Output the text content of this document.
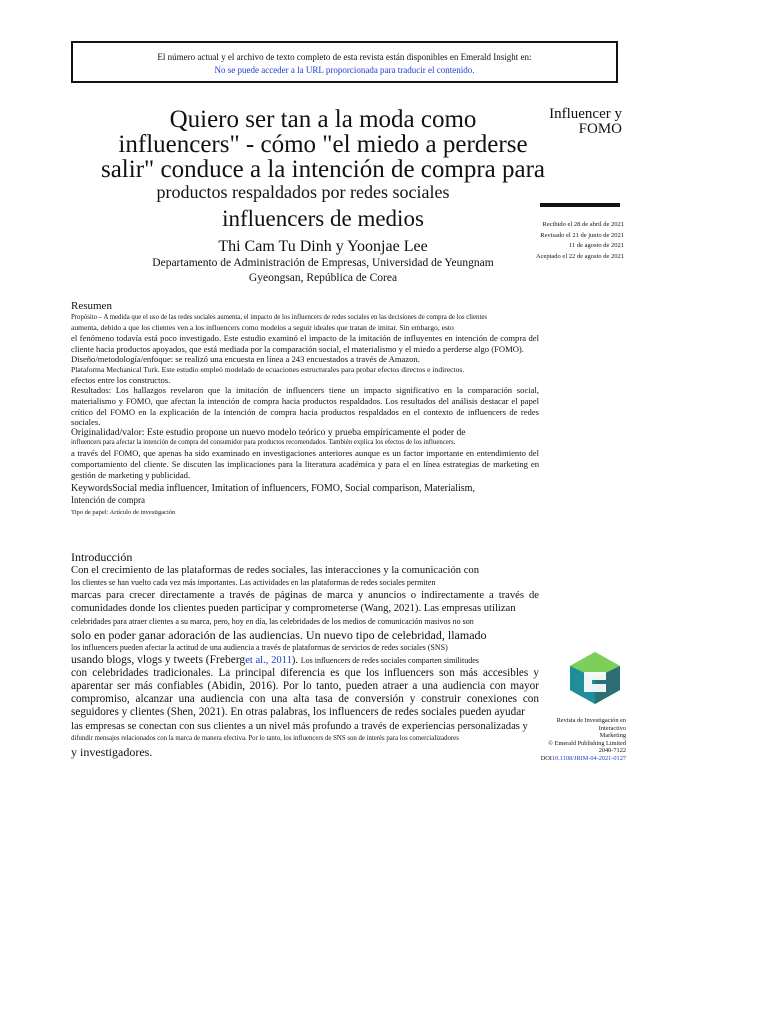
El número actual y el archivo de texto completo de esta revista están disponibles en Emerald Insight en:
No se puede acceder a la URL proporcionada para traducir el contenido.
Quiero ser tan a la moda como
influencers" - cómo "el miedo a perderse
salir" conduce a la intención de compra para
productos respaldados por redes sociales
influencers de medios
Influencer y
FOMO
Recibido el 28 de abril de 2021
Revisado el 21 de junio de 2021
11 de agosto de 2021
Aceptado el 22 de agosto de 2021
Thi Cam Tu Dinh y Yoonjae Lee
Departamento de Administración de Empresas, Universidad de Yeungnam
Gyeongsan, República de Corea
Resumen

Propósito – A medida que el uso de las redes sociales aumenta, el impacto de los influencers de redes sociales en las decisiones de compra de los clientes

aumenta, debido a que los clientes ven a los influencers como modelos a seguir ideales que tratan de imitar. Sin embargo, esto

el fenómeno todavía está poco investigado. Este estudio examinó el impacto de la imitación de influyentes en intención de compra del cliente hacia productos apoyados, que está mediada por la comparación social, el materialismo y el miedo a perderse algo (FOMO).

Diseño/metodología/enfoque: se realizó una encuesta en línea a 243 encuestados a través de Amazon.

Plataforma Mechanical Turk. Este estudio empleó modelado de ecuaciones estructurales para probar efectos directos e indirectos.

efectos entre los constructos.

Resultados: Los hallazgos revelaron que la imitación de influencers tiene un impacto significativo en la comparación social, materialismo y FOMO, que afectan la intención de compra hacia productos respaldados. Los resultados del análisis destacar el papel crítico del FOMO en la explicación de la intención de compra hacia productos respaldados en el contexto de influencers de redes sociales.

Originalidad/valor: Este estudio propone un nuevo modelo teórico y prueba empíricamente el poder de

influencers para afectar la intención de compra del consumidor para productos recomendados. También explica los efectos de los influencers.

a través del FOMO, que apenas ha sido examinado en investigaciones anteriores aunque es un factor importante en entendimiento del comportamiento del cliente. Se discuten las implicaciones para la literatura académica y para el en línea estrategias de marketing en gestión de marketing y publicidad.

KeywordsSocial media influencer, Imitation of influencers, FOMO, Social comparison, Materialism,

Intención de compra

Tipo de papel: Artículo de investigación

Introducción

Con el crecimiento de las plataformas de redes sociales, las interacciones y la comunicación con

los clientes se han vuelto cada vez más importantes. Las actividades en las plataformas de redes sociales permiten

marcas para crecer directamente a través de páginas de marca y anuncios o indirectamente a través de comunidades donde los clientes pueden participar y comprometerse (Wang, 2021). Las empresas utilizan

celebridades para atraer clientes a su marca, pero, hoy en día, las celebridades de los medios de comunicación masivos no son

solo en poder ganar adoración de las audiencias. Un nuevo tipo de celebridad, llamado

los influencers pueden afectar la actitud de una audiencia a través de plataformas de servicios de redes sociales (SNS)

usando blogs, vlogs y tweets (Freberget al., 2011). Los influencers de redes sociales comparten similitudes

con celebridades tradicionales. La principal diferencia es que los influencers son más accesibles y aparentar ser más confiables (Abidin, 2016). Por lo tanto, pueden atraer a una audiencia con mayor compromiso, alcanzar una audiencia con una alta tasa de conversión y construir conexiones con seguidores y clientes (Shen, 2021). En otras palabras, los influencers de redes sociales pueden ayudar

las empresas se conectan con sus clientes a un nivel más profundo a través de experiencias personalizadas y

difundir mensajes relacionados con la marca de manera efectiva. Por lo tanto, los influencers de SNS son de interés para los comercializadores

y investigadores.

Revista de Investigación en Interactivo
Marketing
© Emerald Publishing Limited
2040-7122
DOI10.1108/JRIM-04-2021-0127
